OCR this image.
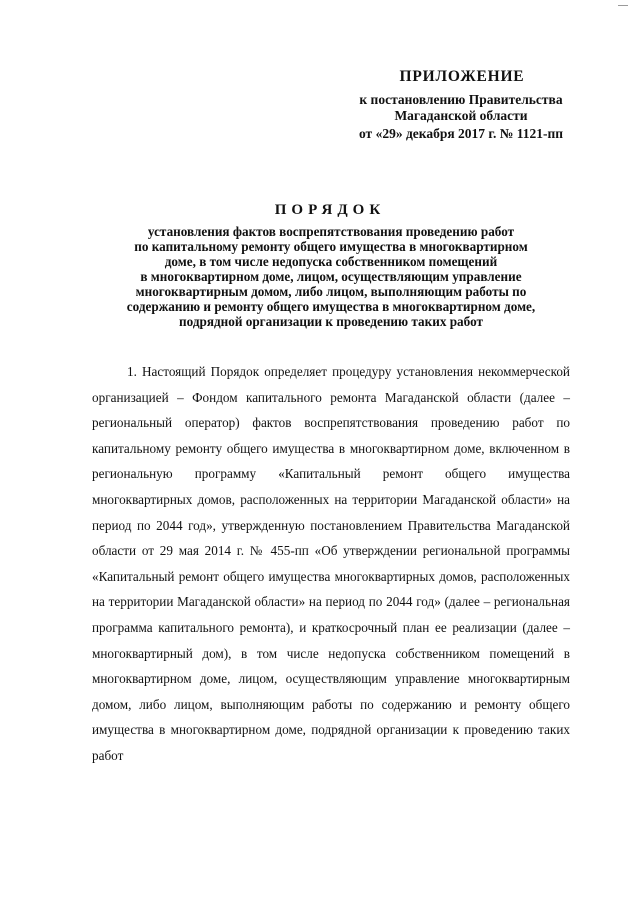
ПРИЛОЖЕНИЕ
к постановлению Правительства
Магаданской области
от «29» декабря 2017 г. № 1121-пп
ПОРЯДОК
установления фактов воспрепятствования проведению работ
по капитальному ремонту общего имущества в многоквартирном
доме, в том числе недопуска собственником помещений
в многоквартирном доме, лицом, осуществляющим управление
многоквартирным домом, либо лицом, выполняющим работы по
содержанию и ремонту общего имущества в многоквартирном доме,
подрядной организации к проведению таких работ

1. Настоящий Порядок определяет процедуру установления некоммерческой организацией – Фондом капитального ремонта Магаданской области (далее – региональный оператор) фактов воспрепятствования проведению работ по капитальному ремонту общего имущества в многоквартирном доме, включенном в региональную программу «Капитальный ремонт общего имущества многоквартирных домов, расположенных на территории Магаданской области» на период по 2044 год», утвержденную постановлением Правительства Магаданской области от 29 мая 2014 г. № 455-пп «Об утверждении региональной программы «Капитальный ремонт общего имущества многоквартирных домов, расположенных на территории Магаданской области» на период по 2044 год» (далее – региональная программа капитального ремонта), и краткосрочный план ее реализации (далее – многоквартирный дом), в том числе недопуска собственником помещений в многоквартирном доме, лицом, осуществляющим управление многоквартирным домом, либо лицом, выполняющим работы по содержанию и ремонту общего имущества в многоквартирном доме, подрядной организации к проведению таких работ
